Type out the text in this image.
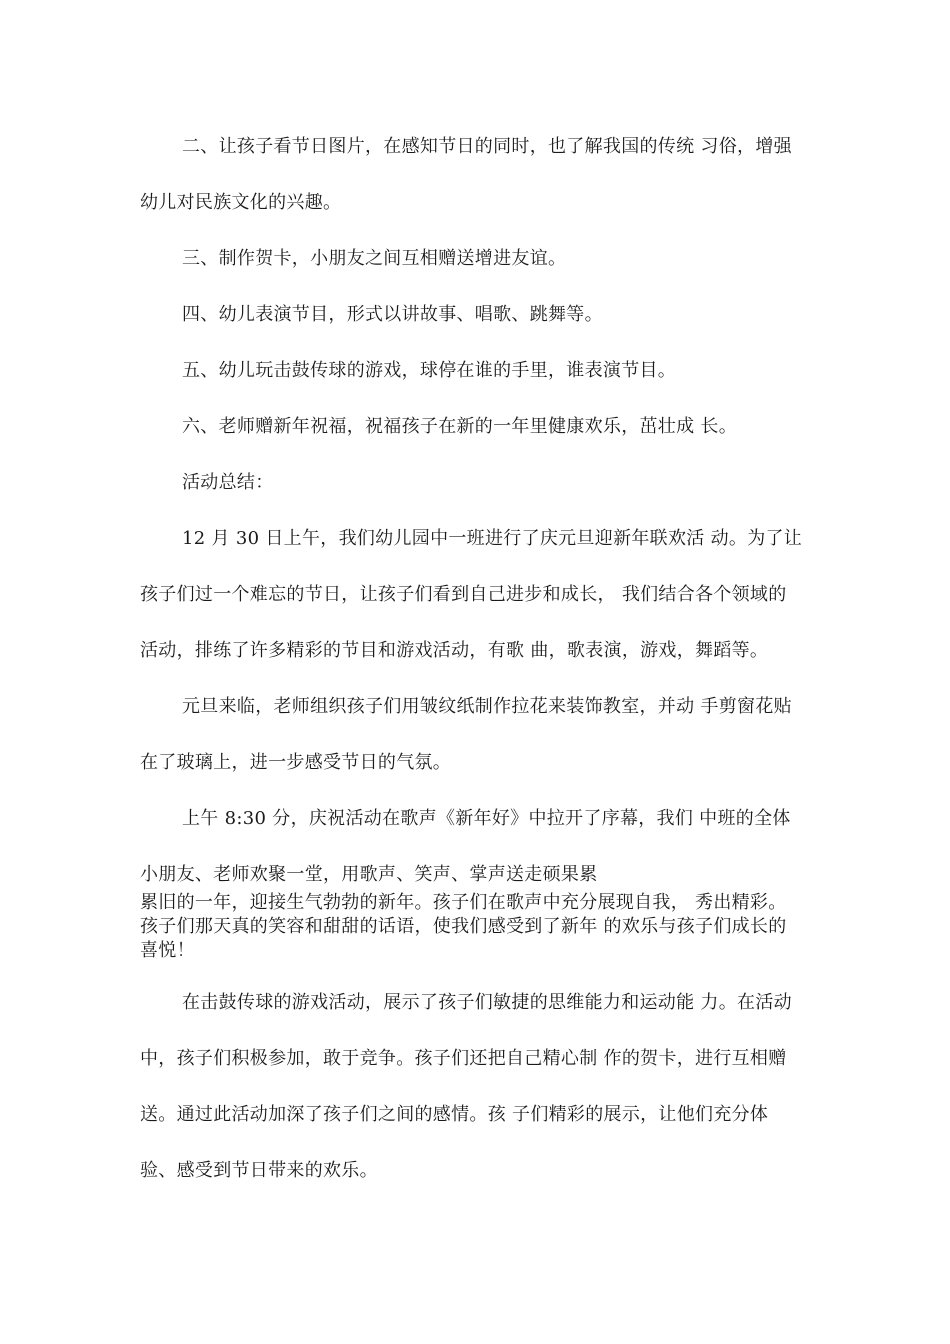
二、让孩子看节日图片，在感知节日的同时，也了解我国的传统 习俗，增强
幼儿对民族文化的兴趣。
三、制作贺卡，小朋友之间互相赠送增进友谊。
四、幼儿表演节目，形式以讲故事、唱歌、跳舞等。
五、幼儿玩击鼓传球的游戏，球停在谁的手里，谁表演节目。
六、老师赠新年祝福，祝福孩子在新的一年里健康欢乐，茁壮成 长。
活动总结：
12 月 30 日上午，我们幼儿园中一班进行了庆元旦迎新年联欢活 动。为了让
孩子们过一个难忘的节日，让孩子们看到自己进步和成长， 我们结合各个领域的
活动，排练了许多精彩的节目和游戏活动，有歌 曲，歌表演，游戏，舞蹈等。
元旦来临，老师组织孩子们用皱纹纸制作拉花来装饰教室，并动 手剪窗花贴
在了玻璃上，进一步感受节日的气氛。
上午 8:30 分，庆祝活动在歌声《新年好》中拉开了序幕，我们 中班的全体
小朋友、老师欢聚一堂，用歌声、笑声、掌声送走硕果累
累旧的一年，迎接生气勃勃的新年。孩子们在歌声中充分展现自我， 秀出精彩。
孩子们那天真的笑容和甜甜的话语，使我们感受到了新年 的欢乐与孩子们成长的
喜悦！
在击鼓传球的游戏活动，展示了孩子们敏捷的思维能力和运动能 力。在活动
中，孩子们积极参加，敢于竞争。孩子们还把自己精心制 作的贺卡，进行互相赠
送。通过此活动加深了孩子们之间的感情。孩 子们精彩的展示，让他们充分体
验、感受到节日带来的欢乐。
